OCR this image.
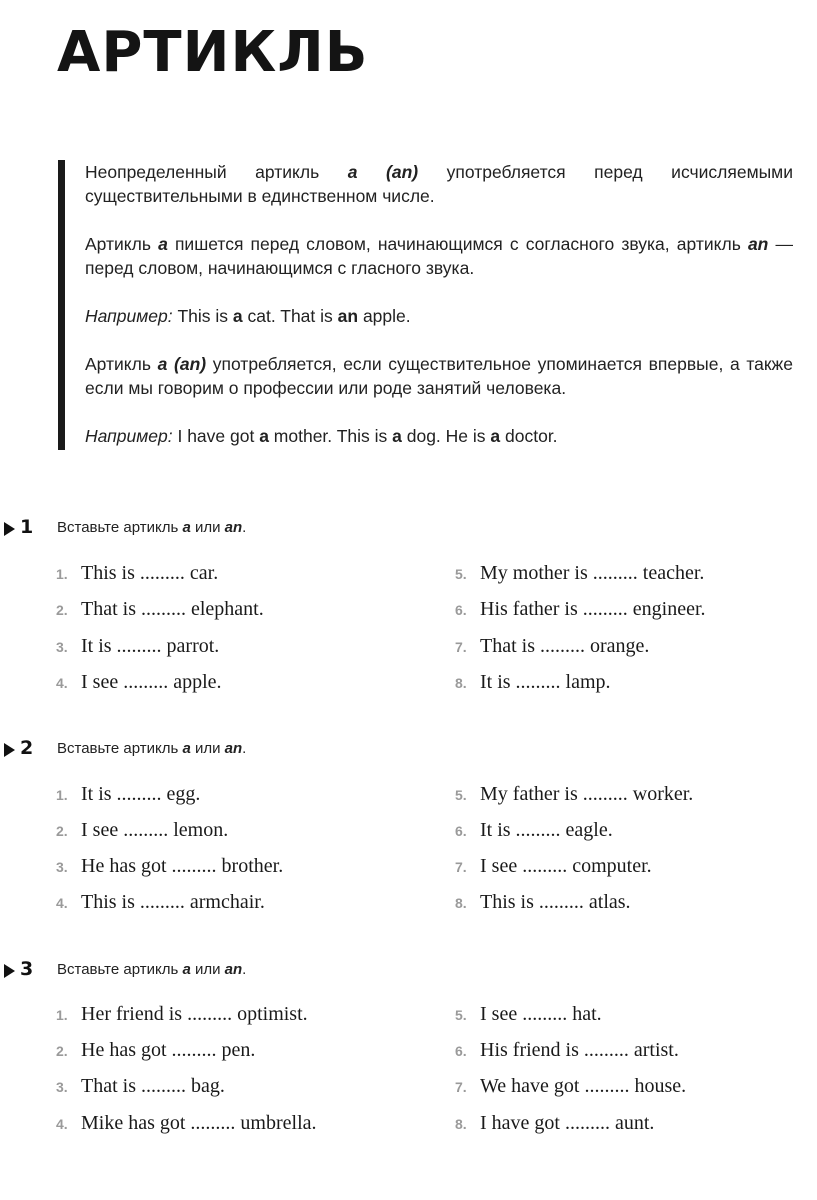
АРТИКЛЬ

Неопределенный артикль a (an) употребляется перед исчисляемыми существительными в единственном числе.

Артикль a пишется перед словом, начинающимся с согласного звука, артикль an — перед словом, начинающимся с гласного звука.

Например: This is a cat. That is an apple.

Артикль a (an) употребляется, если существительное упоминается впервые, а также если мы говорим о профессии или роде занятий человека.

Например: I have got a mother. This is a dog. He is a doctor.

1 Вставьте артикль a или an.
1. This is ......... car.
2. That is ......... elephant.
3. It is ......... parrot.
4. I see ......... apple.
5. My mother is ......... teacher.
6. His father is ......... engineer.
7. That is ......... orange.
8. It is ......... lamp.
2 Вставьте артикль a или an.
1. It is ......... egg.
2. I see ......... lemon.
3. He has got ......... brother.
4. This is ......... armchair.
5. My father is ......... worker.
6. It is ......... eagle.
7. I see ......... computer.
8. This is ......... atlas.
3 Вставьте артикль a или an.
1. Her friend is ......... optimist.
2. He has got ......... pen.
3. That is ......... bag.
4. Mike has got ......... umbrella.
5. I see ......... hat.
6. His friend is ......... artist.
7. We have got ......... house.
8. I have got ......... aunt.
